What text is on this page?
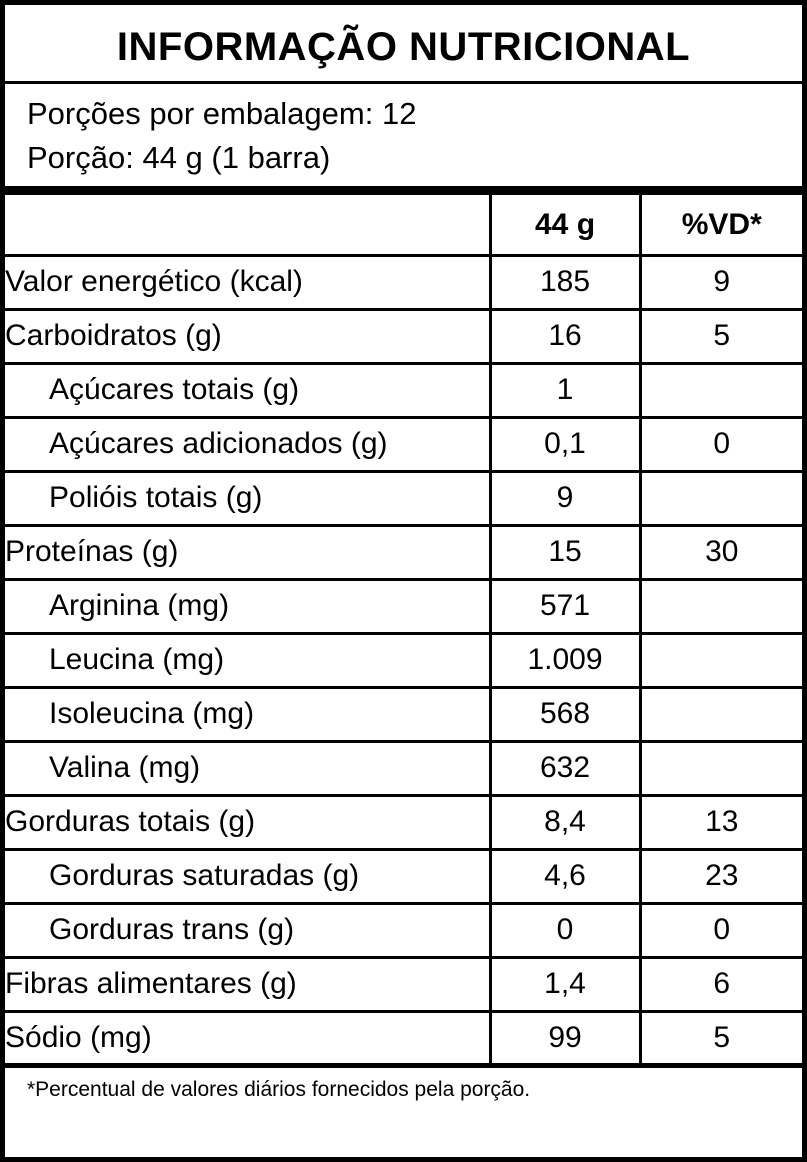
INFORMAÇÃO NUTRICIONAL
Porções por embalagem: 12
Porção: 44 g (1 barra)
	44 g	%VD*
Valor energético (kcal)	185	9
Carboidratos (g)	16	5
Açúcares totais (g)	1	
Açúcares adicionados (g)	0,1	0
Polióis totais (g)	9	
Proteínas (g)	15	30
Arginina (mg)	571	
Leucina (mg)	1.009	
Isoleucina (mg)	568	
Valina (mg)	632	
Gorduras totais (g)	8,4	13
Gorduras saturadas (g)	4,6	23
Gorduras trans (g)	0	0
Fibras alimentares (g)	1,4	6
Sódio (mg)	99	5
*Percentual de valores diários fornecidos pela porção.
